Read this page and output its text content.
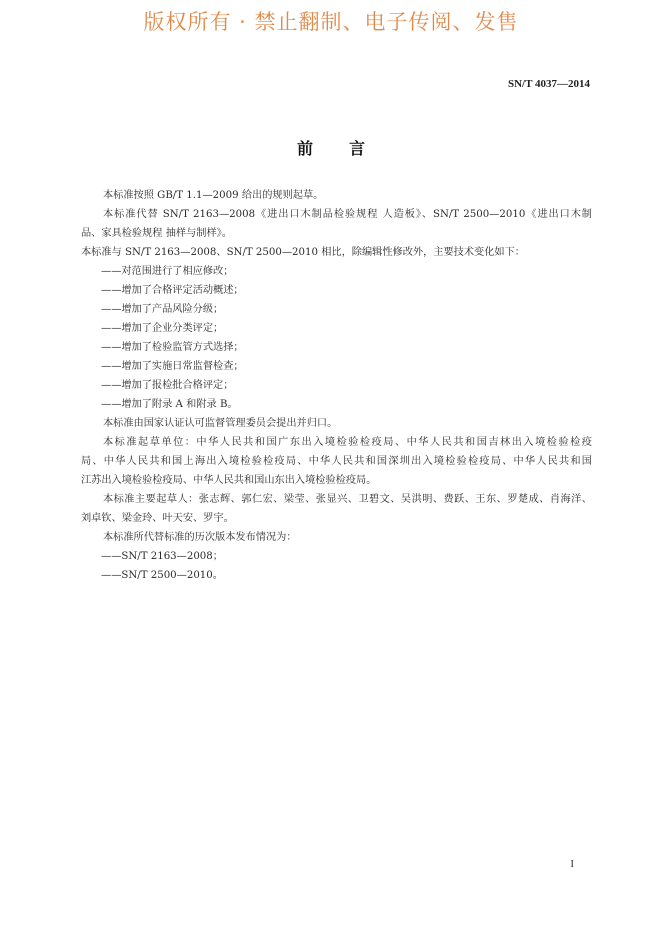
版权所有 · 禁止翻制、电子传阅、发售
SN/T 4037—2014
前言

本标准按照 GB/T 1.1—2009 给出的规则起草。

本标准代替 SN/T 2163—2008《进出口木制品检验规程 人造板》、SN/T 2500—2010《进出口木制

品、家具检验规程 抽样与制样》。

本标准与 SN/T 2163—2008、SN/T 2500—2010 相比，除编辑性修改外，主要技术变化如下：

——对范围进行了相应修改；

——增加了合格评定活动概述；

——增加了产品风险分级；

——增加了企业分类评定；

——增加了检验监管方式选择；

——增加了实施日常监督检查；

——增加了报检批合格评定；

——增加了附录 A 和附录 B。

本标准由国家认证认可监督管理委员会提出并归口。

本标准起草单位：中华人民共和国广东出入境检验检疫局、中华人民共和国吉林出入境检验检疫

局、中华人民共和国上海出入境检验检疫局、中华人民共和国深圳出入境检验检疫局、中华人民共和国

江苏出入境检验检疫局、中华人民共和国山东出入境检验检疫局。

本标准主要起草人：张志辉、郭仁宏、梁莹、张显兴、卫碧文、吴洪明、费跃、王东、罗楚成、肖海洋、

刘卓钦、梁金玲、叶天安、罗宇。

本标准所代替标准的历次版本发布情况为：

——SN/T 2163—2008；

——SN/T 2500—2010。

I
